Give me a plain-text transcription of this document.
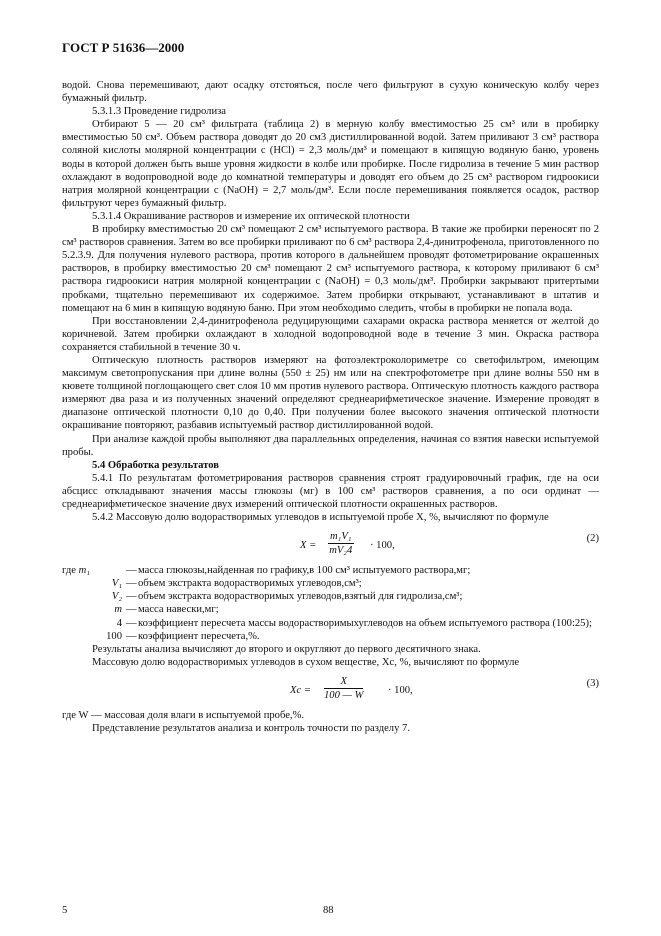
ГОСТ Р 51636—2000

водой. Снова перемешивают, дают осадку отстояться, после чего фильтруют в сухую коническую колбу через бумажный фильтр.

5.3.1.3 Проведение гидролиза

Отбирают 5 — 20 см³ фильтрата (таблица 2) в мерную колбу вместимостью 25 см³ или в пробирку вместимостью 50 см³. Объем раствора доводят до 20 см3 дистиллированной водой. Затем приливают 3 см³ раствора соляной кислоты молярной концентрации c (HCl) = 2,3 моль/дм³ и помещают в кипящую водяную баню, уровень воды в которой должен быть выше уровня жидкости в колбе или пробирке. После гидролиза в течение 5 мин раствор охлаждают в водопроводной воде до комнатной температуры и доводят его объем до 25 см³ раствором гидроокиси натрия молярной концентрации c (NaOH) = 2,7 моль/дм³. Если после перемешивания появляется осадок, раствор фильтруют через бумажный фильтр.

5.3.1.4 Окрашивание растворов и измерение их оптической плотности

В пробирку вместимостью 20 см³ помещают 2 см³ испытуемого раствора. В такие же пробирки переносят по 2 см³ растворов сравнения. Затем во все пробирки приливают по 6 см³ раствора 2,4-динитрофенола, приготовленного по 5.2.3.9. Для получения нулевого раствора, против которого в дальнейшем проводят фотометрирование окрашенных растворов, в пробирку вместимостью 20 см³ помещают 2 см³ испытуемого раствора, к которому приливают 6 см³ раствора гидроокиси натрия молярной концентрации c (NaOH) = 0,3 моль/дм³. Пробирки закрывают притертыми пробками, тщательно перемешивают их содержимое. Затем пробирки открывают, устанавливают в штатив и помещают на 6 мин в кипящую водяную баню. При этом необходимо следить, чтобы в пробирки не попала вода.

При восстановлении 2,4-динитрофенола редуцирующими сахарами окраска раствора меняется от желтой до коричневой. Затем пробирки охлаждают в холодной водопроводной воде в течение 3 мин. Окраска раствора сохраняется стабильной в течение 30 ч.

Оптическую плотность растворов измеряют на фотоэлектроколориметре со светофильтром, имеющим максимум светопропускания при длине волны (550 ± 25) нм или на спектрофотометре при длине волны 550 нм в кювете толщиной поглощающего свет слоя 10 мм против нулевого раствора. Оптическую плотность каждого раствора измеряют два раза и из полученных значений определяют среднеарифметическое значение. Измерение проводят в диапазоне оптической плотности 0,10 до 0,40. При получении более высокого значения оптической плотности окрашивание повторяют, разбавив испытуемый раствор дистиллированной водой.

При анализе каждой пробы выполняют два параллельных определения, начиная со взятия навески испытуемой пробы.

5.4 Обработка результатов

5.4.1 По результатам фотометрирования растворов сравнения строят градуировочный график, где на оси абсцисс откладывают значения массы глюкозы (мг) в 100 см³ растворов сравнения, а по оси ординат — среднеарифметическое значение двух измерений оптической плотности окрашенных растворов.

5.4.2 Массовую долю водорастворимых углеводов в испытуемой пробе X, %, вычисляют по формуле

$X = \frac{\text{m₁V₁}}{\text{mV₂4}} \cdot 100$,
(2)
где m₁	—	масса глюкозы,найденная по графику,в 100 см³ испытуемого раствора,мг;
V₁	—	объем экстракта водорастворимых углеводов,см³;
V₂	—	объем экстракта водорастворимых углеводов,взятый для гидролиза,см³;
m	—	масса навески,мг;
4	—	коэффициент пересчета массы водорастворимыхуглеводов на объем испытуемого раствора (100:25);
100	—	коэффициент пересчета,%.

Результаты анализа вычисляют до второго и округляют до первого десятичного знака.

Массовую долю водорастворимых углеводов в сухом веществе, Xс, %, вычисляют по формуле

Xс = $\frac{X}{100 — W} \cdot 100$,
(3)

где W — массовая доля влаги в испытуемой пробе,%.

Представление результатов анализа и контроль точности по разделу 7.

5	88
